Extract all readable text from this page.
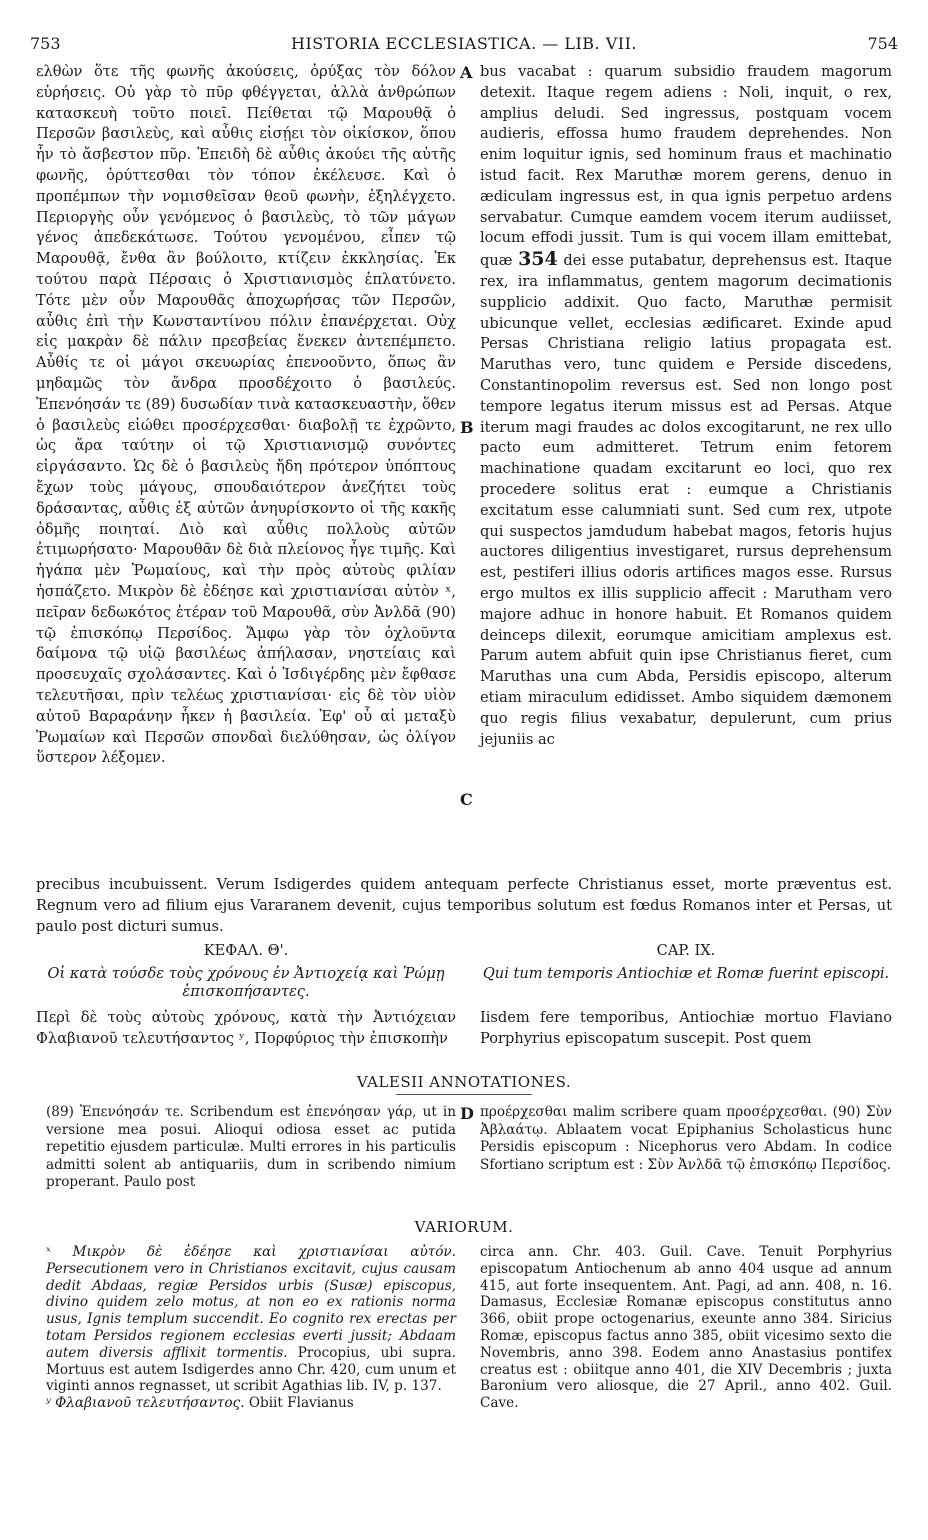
753	HISTORIA ECCLESIASTICA. — LIB. VII.	754
A
B
C
D

ελθὼν ὅτε τῆς φωνῆς ἀκούσεις, ὀρύξας τὸν δόλον εὑρήσεις. Οὐ γὰρ τὸ πῦρ φθέγγεται, ἀλλὰ ἀνθρώπων κατασκευὴ τοῦτο ποιεῖ. Πείθεται τῷ Μαρουθᾷ ὁ Περσῶν βασιλεὺς, καὶ αὖθις εἰσῄει τὸν οἰκίσκον, ὅπου ἦν τὸ ἄσβεστον πῦρ. Ἐπειδὴ δὲ αὖθις ἀκούει τῆς αὐτῆς φωνῆς, ὀρύττεσθαι τὸν τόπον ἐκέλευσε. Καὶ ὁ προπέμπων τὴν νομισθεῖσαν θεοῦ φωνὴν, ἐξηλέγχετο. Περιοργὴς οὖν γενόμενος ὁ βασιλεὺς, τὸ τῶν μάγων γένος ἀπεδεκάτωσε. Τούτου γενομένου, εἶπεν τῷ Μαρουθᾷ, ἔνθα ἂν βούλοιτο, κτίζειν ἐκκλησίας. Ἐκ τούτου παρὰ Πέρσαις ὁ Χριστιανισμὸς ἐπλατύνετο. Τότε μὲν οὖν Μαρουθᾶς ἀποχωρήσας τῶν Περσῶν, αὖθις ἐπὶ τὴν Κωνσταντίνου πόλιν ἐπανέρχεται. Οὐχ εἰς μακρὰν δὲ πάλιν πρεσβείας ἕνεκεν ἀντεπέμπετο. Αὖθίς τε οἱ μάγοι σκευωρίας ἐπενοοῦντο, ὅπως ἂν μηδαμῶς τὸν ἄνδρα προσδέχοιτο ὁ βασιλεύς. Ἐπενόησάν τε (89) δυσωδίαν τινὰ κατασκευαστὴν, ὅθεν ὁ βασιλεὺς εἰώθει προσέρχεσθαι· διαβολῇ τε ἐχρῶντο, ὡς ἄρα ταύτην οἱ τῷ Χριστιανισμῷ συνόντες εἰργάσαντο. Ὡς δὲ ὁ βασιλεὺς ἤδη πρότερον ὑπόπτους ἔχων τοὺς μάγους, σπουδαιότερον ἀνεζήτει τοὺς δράσαντας, αὖθις ἐξ αὐτῶν ἀνηυρίσκοντο οἱ τῆς κακῆς ὀδμῆς ποιηταί. Διὸ καὶ αὖθις πολλοὺς αὐτῶν ἐτιμωρήσατο· Μαρουθᾶν δὲ διὰ πλείονος ἦγε τιμῆς. Καὶ ἠγάπα μὲν Ῥωμαίους, καὶ τὴν πρὸς αὐτοὺς φιλίαν ἠσπάζετο. Μικρὸν δὲ ἐδέησε καὶ χριστιανίσαι αὐτὸν ˣ, πεῖραν δεδωκότος ἑτέραν τοῦ Μαρουθᾶ, σὺν Ἀνλδᾶ (90) τῷ ἐπισκόπῳ Περσίδος. Ἄμφω γὰρ τὸν ὀχλοῦντα δαίμονα τῷ υἱῷ βασιλέως ἀπήλασαν, νηστείαις καὶ προσευχαῖς σχολάσαντες. Καὶ ὁ Ἰσδιγέρδης μὲν ἔφθασε τελευτῆσαι, πρὶν τελέως χριστιανίσαι· εἰς δὲ τὸν υἱὸν αὐτοῦ Βαραράνην ἧκεν ἡ βασιλεία. Ἐφ' οὗ αἱ μεταξὺ Ῥωμαίων καὶ Περσῶν σπονδαὶ διελύθησαν, ὡς ὀλίγον ὕστερον λέξομεν.

bus vacabat : quarum subsidio fraudem magorum detexit. Itaque regem adiens : Noli, inquit, o rex, amplius deludi. Sed ingressus, postquam vocem audieris, effossa humo fraudem deprehendes. Non enim loquitur ignis, sed hominum fraus et machinatio istud facit. Rex Maruthæ morem gerens, denuo in ædiculam ingressus est, in qua ignis perpetuo ardens servabatur. Cumque eamdem vocem iterum audiisset, locum effodi jussit. Tum is qui vocem illam emittebat, quæ 354 dei esse putabatur, deprehensus est. Itaque rex, ira inflammatus, gentem magorum decimationis supplicio addixit. Quo facto, Maruthæ permisit ubicunque vellet, ecclesias ædificaret. Exinde apud Persas Christiana religio latius propagata est. Maruthas vero, tunc quidem e Perside discedens, Constantinopolim reversus est. Sed non longo post tempore legatus iterum missus est ad Persas. Atque iterum magi fraudes ac dolos excogitarunt, ne rex ullo pacto eum admitteret. Tetrum enim fetorem machinatione quadam excitarunt eo loci, quo rex procedere solitus erat : eumque a Christianis excitatum esse calumniati sunt. Sed cum rex, utpote qui suspectos jamdudum habebat magos, fetoris hujus auctores diligentius investigaret, rursus deprehensum est, pestiferi illius odoris artifices magos esse. Rursus ergo multos ex illis supplicio affecit : Marutham vero majore adhuc in honore habuit. Et Romanos quidem deinceps dilexit, eorumque amicitiam amplexus est. Parum autem abfuit quin ipse Christianus fieret, cum Maruthas una cum Abda, Persidis episcopo, alterum etiam miraculum edidisset. Ambo siquidem dæmonem quo regis filius vexabatur, depulerunt, cum prius jejuniis ac

precibus incubuissent. Verum Isdigerdes quidem antequam perfecte Christianus esset, morte præventus est. Regnum vero ad filium ejus Vararanem devenit, cujus temporibus solutum est fœdus Romanos inter et Persas, ut paulo post dicturi sumus.
ΚΕΦΑΛ. Θ'.	CAP. IX.
Οἱ κατὰ τούσδε τοὺς χρόνους ἐν Ἀντιοχείᾳ καὶ Ῥώμῃ ἐπισκοπήσαντες.
Qui tum temporis Antiochiæ et Romæ fuerint episcopi.
Περὶ δὲ τοὺς αὐτοὺς χρόνους, κατὰ τὴν Ἀντιόχειαν Φλαβιανοῦ τελευτήσαντος ʸ, Πορφύριος τὴν ἐπισκοπὴν
Iisdem fere temporibus, Antiochiæ mortuo Flaviano Porphyrius episcopatum suscepit. Post quem
VALESII ANNOTATIONES.
(89) Ἐπενόησάν τε. Scribendum est ἐπενόησαν γάρ, ut in versione mea posui. Alioqui odiosa esset ac putida repetitio ejusdem particulæ. Multi errores in his particulis admitti solent ab antiquariis, dum in scribendo nimium properant. Paulo post
προέρχεσθαι malim scribere quam προσέρχεσθαι. (90) Σὺν Ἀβλαάτῳ. Ablaatem vocat Epiphanius Scholasticus hunc Persidis episcopum : Nicephorus vero Abdam. In codice Sfortiano scriptum est : Σὺν Ἀνλδᾶ τῷ ἐπισκόπῳ Περσίδος.
VARIORUM.
ˣ Μικρὸν δὲ ἐδέησε καὶ χριστιανίσαι αὐτόν. Persecutionem vero in Christianos excitavit, cujus causam dedit Abdaas, regiæ Persidos urbis (Susæ) episcopus, divino quidem zelo motus, at non eo ex rationis norma usus, Ignis templum succendit. Eo cognito rex erectas per totam Persidos regionem ecclesias everti jussit; Abdaam autem diversis afflixit tormentis. Procopius, ubi supra. Mortuus est autem Isdigerdes anno Chr. 420, cum unum et viginti annos regnasset, ut scribit Agathias lib. IV, p. 137.
ʸ Φλαβιανοῦ τελευτήσαντος. Obiit Flavianus
circa ann. Chr. 403. Guil. Cave. Tenuit Porphyrius episcopatum Antiochenum ab anno 404 usque ad annum 415, aut forte insequentem. Ant. Pagi, ad ann. 408, n. 16. Damasus, Ecclesiæ Romanæ episcopus constitutus anno 366, obiit prope octogenarius, exeunte anno 384. Siricius Romæ, episcopus factus anno 385, obiit vicesimo sexto die Novembris, anno 398. Eodem anno Anastasius pontifex creatus est : obiitque anno 401, die XIV Decembris ; juxta Baronium vero aliosque, die 27 April., anno 402. Guil. Cave.
